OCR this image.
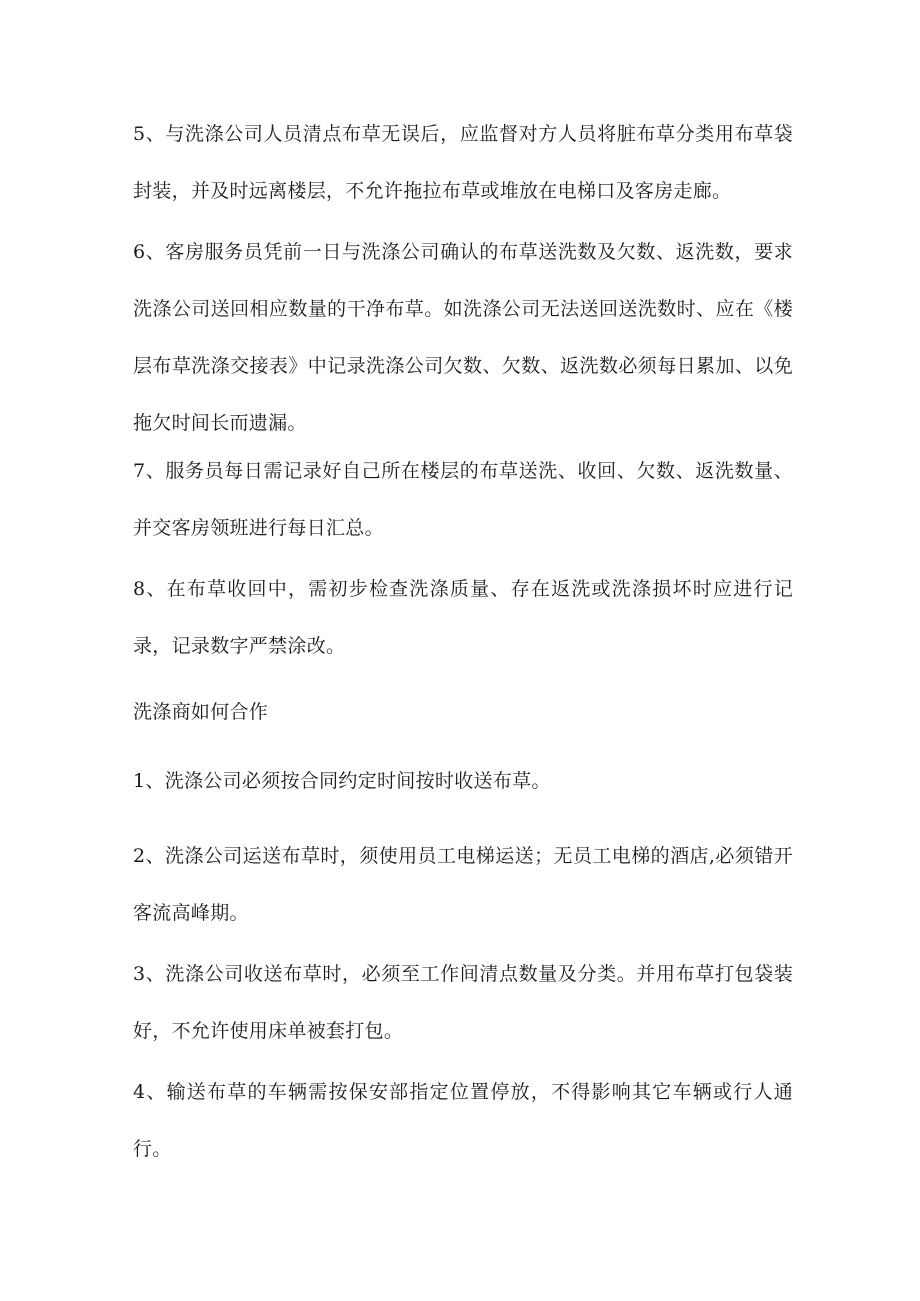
5、与洗涤公司人员清点布草无误后，应监督对方人员将脏布草分类用布草袋封装，并及时远离楼层，不允许拖拉布草或堆放在电梯口及客房走廊。

6、客房服务员凭前一日与洗涤公司确认的布草送洗数及欠数、返洗数，要求洗涤公司送回相应数量的干净布草。如洗涤公司无法送回送洗数时、应在《楼层布草洗涤交接表》中记录洗涤公司欠数、欠数、返洗数必须每日累加、以免拖欠时间长而遗漏。

7、服务员每日需记录好自己所在楼层的布草送洗、收回、欠数、返洗数量、并交客房领班进行每日汇总。

8、在布草收回中，需初步检查洗涤质量、存在返洗或洗涤损坏时应进行记录，记录数字严禁涂改。

洗涤商如何合作

1、洗涤公司必须按合同约定时间按时收送布草。

2、洗涤公司运送布草时，须使用员工电梯运送；无员工电梯的酒店,必须错开客流高峰期。

3、洗涤公司收送布草时，必须至工作间清点数量及分类。并用布草打包袋装好，不允许使用床单被套打包。

4、输送布草的车辆需按保安部指定位置停放，不得影响其它车辆或行人通行。
